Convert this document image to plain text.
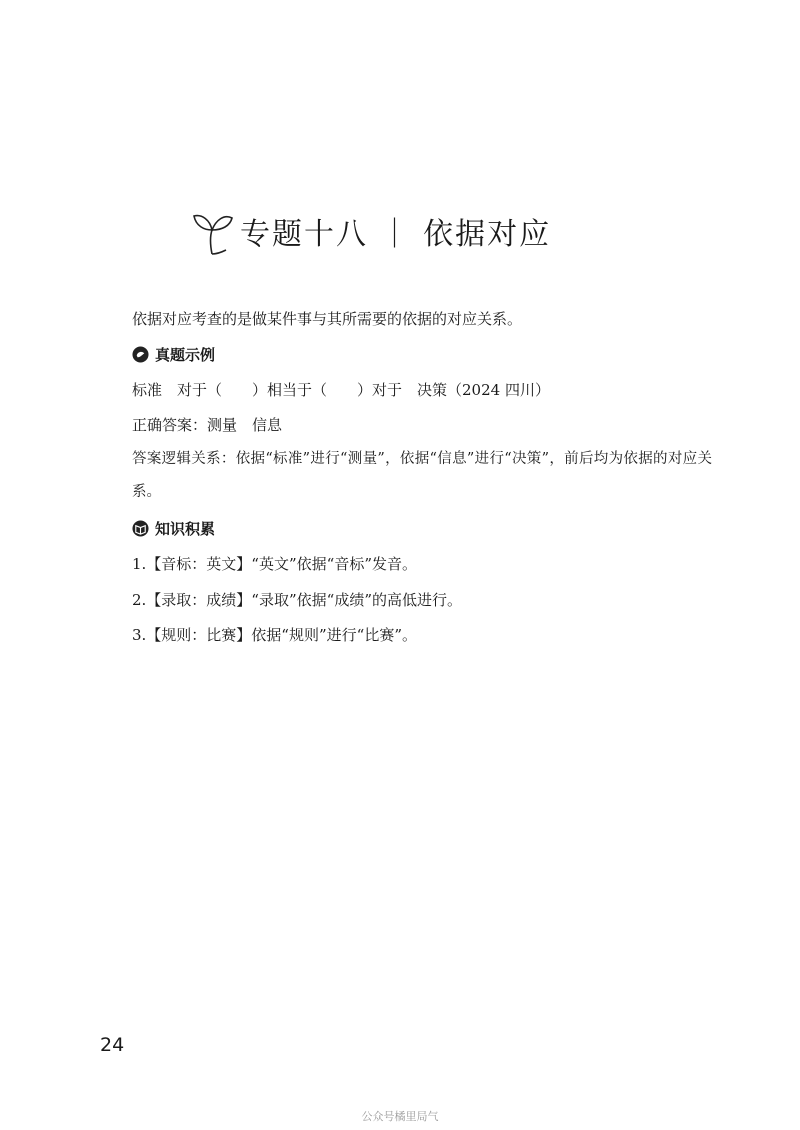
专题十八 ｜ 依据对应
依据对应考查的是做某件事与其所需要的依据的对应关系。
真题示例
标准　对于（　　）相当于（　　）对于　决策（2024 四川）
正确答案：测量　信息
答案逻辑关系：依据“标准”进行“测量”，依据“信息”进行“决策”，前后均为依据的对应关系。
知识积累
1.【音标：英文】“英文”依据“音标”发音。
2.【录取：成绩】“录取”依据“成绩”的高低进行。
3.【规则：比赛】依据“规则”进行“比赛”。
24
公众号橘里局气
